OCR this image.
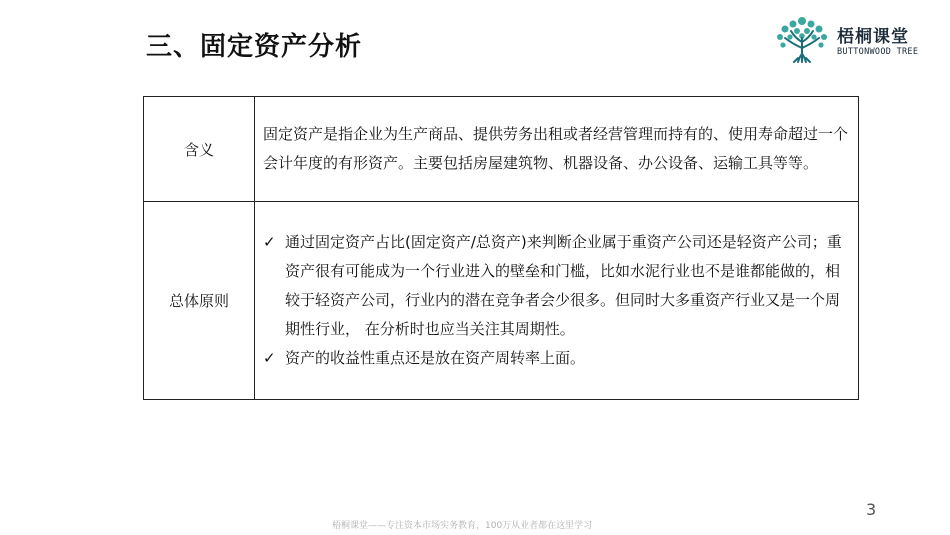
三、固定资产分析	梧桐课堂
BUTTONWOOD TREE
含义	固定资产是指企业为生产商品、提供劳务出租或者经营管理而持有的、使用寿命超过一个会计年度的有形资产。主要包括房屋建筑物、机器设备、办公设备、运输工具等等。
总体原则	✓ 通过固定资产占比(固定资产/总资产)来判断企业属于重资产公司还是轻资产公司；重资产很有可能成为一个行业进入的壁垒和门槛，比如水泥行业也不是谁都能做的，相较于轻资产公司，行业内的潜在竞争者会少很多。但同时大多重资产行业又是一个周期性行业， 在分析时也应当关注其周期性。
✓ 资产的收益性重点还是放在资产周转率上面。
3
梧桐课堂——专注资本市场实务教育，100万从业者都在这里学习
